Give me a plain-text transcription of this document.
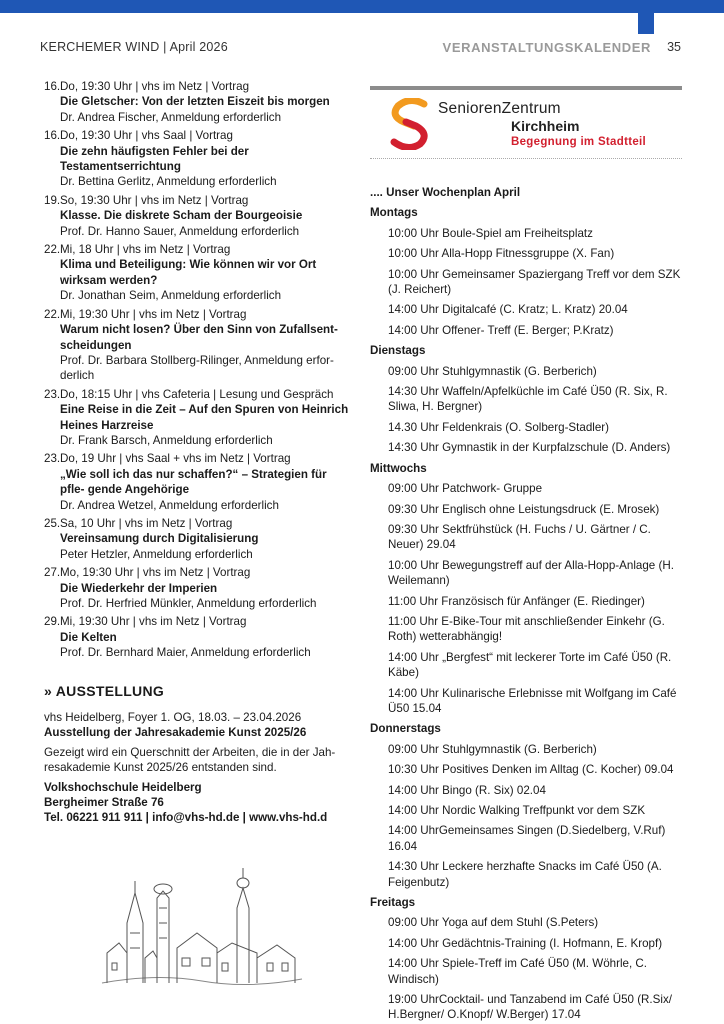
KERCHEMER WIND | April 2026	VERANSTALTUNGSKALENDER 35
16. Do, 19:30 Uhr | vhs im Netz | Vortrag
Die Gletscher: Von der letzten Eiszeit bis morgen
Dr. Andrea Fischer, Anmeldung erforderlich
16. Do, 19:30 Uhr | vhs Saal | Vortrag
Die zehn häufigsten Fehler bei der Testamentserrichtung
Dr. Bettina Gerlitz, Anmeldung erforderlich
19. So, 19:30 Uhr | vhs im Netz | Vortrag
Klasse. Die diskrete Scham der Bourgeoisie
Prof. Dr. Hanno Sauer, Anmeldung erforderlich
22. Mi, 18 Uhr | vhs im Netz | Vortrag
Klima und Beteiligung: Wie können wir vor Ort wirksam werden?
Dr. Jonathan Seim, Anmeldung erforderlich
22. Mi, 19:30 Uhr | vhs im Netz | Vortrag
Warum nicht losen? Über den Sinn von Zufallsent- scheidungen
Prof. Dr. Barbara Stollberg-Rilinger, Anmeldung erfor- derlich
23. Do, 18:15 Uhr | vhs Cafeteria | Lesung und Gespräch
Eine Reise in die Zeit – Auf den Spuren von Heinrich Heines Harzreise
Dr. Frank Barsch, Anmeldung erforderlich
23. Do, 19 Uhr | vhs Saal + vhs im Netz | Vortrag
„Wie soll ich das nur schaffen?“ – Strategien für pfle- gende Angehörige
Dr. Andrea Wetzel, Anmeldung erforderlich
25. Sa, 10 Uhr | vhs im Netz | Vortrag
Vereinsamung durch Digitalisierung
Peter Hetzler, Anmeldung erforderlich
27. Mo, 19:30 Uhr | vhs im Netz | Vortrag
Die Wiederkehr der Imperien
Prof. Dr. Herfried Münkler, Anmeldung erforderlich
29. Mi, 19:30 Uhr | vhs im Netz | Vortrag
Die Kelten
Prof. Dr. Bernhard Maier, Anmeldung erforderlich
» AUSSTELLUNG

vhs Heidelberg, Foyer 1. OG, 18.03. – 23.04.2026

Ausstellung der Jahresakademie Kunst 2025/26

Gezeigt wird ein Querschnitt der Arbeiten, die in der Jah- resakademie Kunst 2025/26 entstanden sind.

Volkshochschule Heidelberg

Bergheimer Straße 76

Tel. 06221 911 911 | info@vhs-hd.de | www.vhs-hd.d

SeniorenZentrum
Kirchheim
Begegnung im Stadtteil
.... Unser Wochenplan April
Montags
10:00 Uhr Boule-Spiel am Freiheitsplatz
10:00 Uhr Alla-Hopp Fitnessgruppe (X. Fan)
10:00 Uhr Gemeinsamer Spaziergang Treff vor dem SZK (J. Reichert)
14:00 Uhr Digitalcafé (C. Kratz; L. Kratz) 20.04
14:00 Uhr Offener- Treff (E. Berger; P.Kratz)
Dienstags
09:00 Uhr Stuhlgymnastik (G. Berberich)
14:30 Uhr Waffeln/Apfelküchle im Café Ü50 (R. Six, R. Sliwa, H. Bergner)
14.30 Uhr Feldenkrais (O. Solberg-Stadler)
14:30 Uhr Gymnastik in der Kurpfalzschule (D. Anders)
Mittwochs
09:00 Uhr Patchwork- Gruppe
09:30 Uhr Englisch ohne Leistungsdruck (E. Mrosek)
09:30 Uhr Sektfrühstück (H. Fuchs / U. Gärtner / C. Neuer) 29.04
10:00 Uhr Bewegungstreff auf der Alla-Hopp-Anlage (H. Weilemann)
11:00 Uhr Französisch für Anfänger (E. Riedinger)
11:00 Uhr E-Bike-Tour mit anschließender Einkehr (G. Roth) wetterabhängig!
14:00 Uhr „Bergfest“ mit leckerer Torte im Café Ü50 (R. Käbe)
14:00 Uhr Kulinarische Erlebnisse mit Wolfgang im Café Ü50 15.04
Donnerstags
09:00 Uhr Stuhlgymnastik (G. Berberich)
10:30 Uhr Positives Denken im Alltag (C. Kocher) 09.04
14:00 Uhr Bingo (R. Six) 02.04
14:00 Uhr Nordic Walking Treffpunkt vor dem SZK
14:00 UhrGemeinsames Singen (D.Siedelberg, V.Ruf) 16.04
14:30 Uhr Leckere herzhafte Snacks im Café Ü50 (A. Feigenbutz)
Freitags
09:00 Uhr Yoga auf dem Stuhl (S.Peters)
14:00 Uhr Gedächtnis-Training (I. Hofmann, E. Kropf)
14:00 Uhr Spiele-Treff im Café Ü50 (M. Wöhrle, C. Windisch)
19:00 UhrCocktail- und Tanzabend im Café Ü50 (R.Six/ H.Bergner/ O.Knopf/ W.Berger) 17.04
